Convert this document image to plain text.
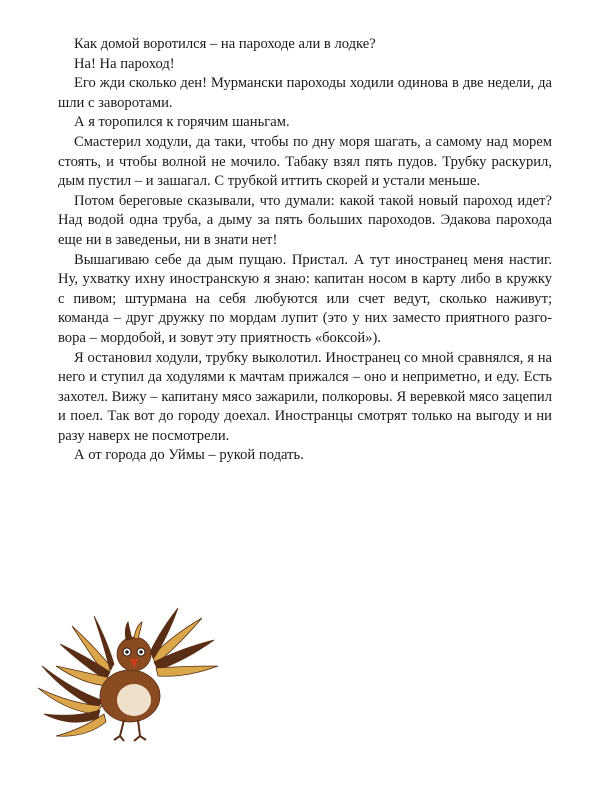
Как домой воротился – на пароходе али в лодке?

На! На пароход!

Его жди сколько ден! Мурмански пароходы ходили одинова в две недели, да шли с заворотами.

А я торопился к горячим шаньгам.

Смастерил ходули, да таки, чтобы по дну моря шагать, а самому над морем стоять, и чтобы волной не мочило. Табаку взял пять пудов. Трубку раскурил, дым пустил – и зашагал. С трубкой иттить скорей и устали меньше.

Потом береговые сказывали, что думали: какой такой новый пароход идет? Над водой одна труба, а дыму за пять больших пароходов. Эдакова парохода еще ни в заведеньи, ни в знати нет!

Вышагиваю себе да дым пущаю. Пристал. А тут иностранец меня настиг. Ну, ухватку ихну иностранскую я знаю: капитан носом в карту либо в кружку с пивом; штурмана на себя любуются или счет ведут, сколько наживут; команда – друг дружку по мордам лупит (это у них заместо приятного разговора – мордобой, и зовут эту приятность «боксой»).

Я остановил ходули, трубку выколотил. Иностранец со мной сравнялся, я на него и ступил да ходулями к мачтам прижался – оно и неприметно, и еду. Есть захотел. Вижу – капитану мясо зажарили, полкоровы. Я веревкой мясо зацепил и поел. Так вот до городу доехал. Иностранцы смотрят только на выгоду и ни разу наверх не посмотрели.

А от города до Уймы – рукой подать.
